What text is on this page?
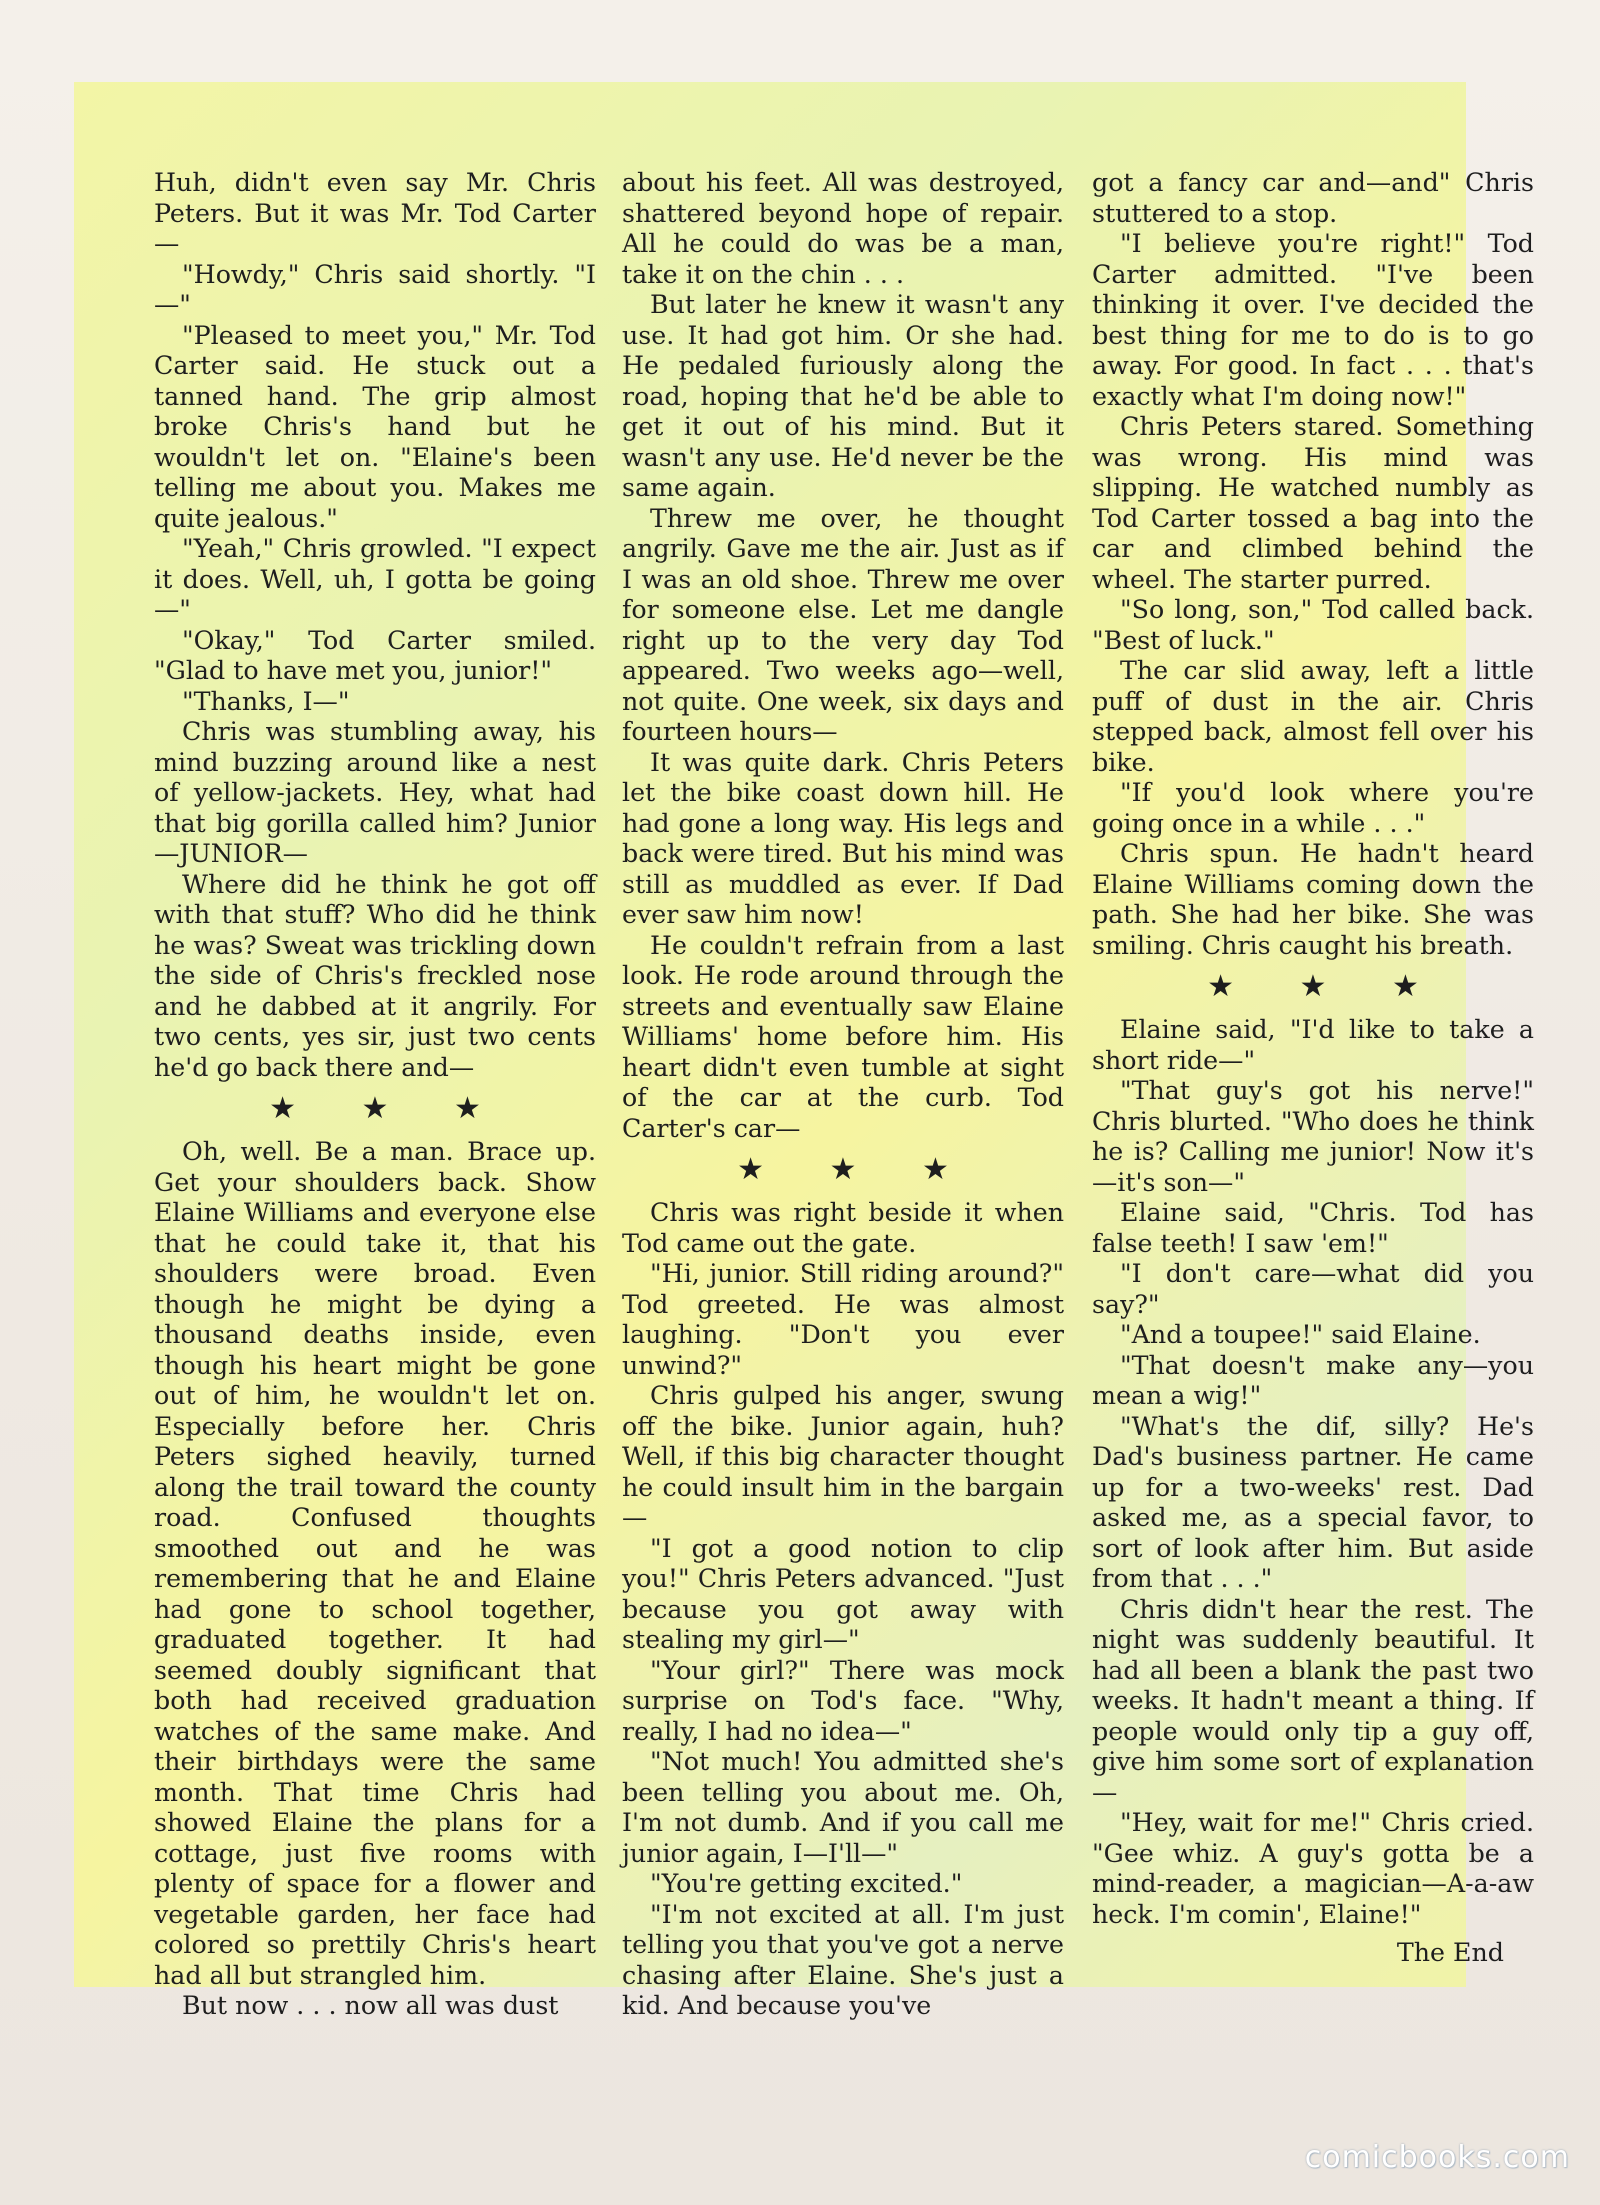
Huh, didn't even say Mr. Chris Peters. But it was Mr. Tod Carter—

"Howdy," Chris said shortly. "I—"

"Pleased to meet you," Mr. Tod Carter said. He stuck out a tanned hand. The grip almost broke Chris's hand but he wouldn't let on. "Elaine's been telling me about you. Makes me quite jealous."

"Yeah," Chris growled. "I expect it does. Well, uh, I gotta be going—"

"Okay," Tod Carter smiled. "Glad to have met you, junior!"

"Thanks, I—"

Chris was stumbling away, his mind buzzing around like a nest of yellow-jackets. Hey, what had that big gorilla called him? Junior—JUNIOR—

Where did he think he got off with that stuff? Who did he think he was? Sweat was trickling down the side of Chris's freckled nose and he dabbed at it angrily. For two cents, yes sir, just two cents he'd go back there and—

★ ★ ★

Oh, well. Be a man. Brace up. Get your shoulders back. Show Elaine Williams and everyone else that he could take it, that his shoulders were broad. Even though he might be dying a thousand deaths inside, even though his heart might be gone out of him, he wouldn't let on. Especially before her. Chris Peters sighed heavily, turned along the trail toward the county road. Confused thoughts smoothed out and he was remembering that he and Elaine had gone to school together, graduated together. It had seemed doubly significant that both had received graduation watches of the same make. And their birthdays were the same month. That time Chris had showed Elaine the plans for a cottage, just five rooms with plenty of space for a flower and vegetable garden, her face had colored so prettily Chris's heart had all but strangled him.

But now . . . now all was dust

about his feet. All was destroyed, shattered beyond hope of repair. All he could do was be a man, take it on the chin . . .

But later he knew it wasn't any use. It had got him. Or she had. He pedaled furiously along the road, hoping that he'd be able to get it out of his mind. But it wasn't any use. He'd never be the same again.

Threw me over, he thought angrily. Gave me the air. Just as if I was an old shoe. Threw me over for someone else. Let me dangle right up to the very day Tod appeared. Two weeks ago—well, not quite. One week, six days and fourteen hours—

It was quite dark. Chris Peters let the bike coast down hill. He had gone a long way. His legs and back were tired. But his mind was still as muddled as ever. If Dad ever saw him now!

He couldn't refrain from a last look. He rode around through the streets and eventually saw Elaine Williams' home before him. His heart didn't even tumble at sight of the car at the curb. Tod Carter's car—

★ ★ ★

Chris was right beside it when Tod came out the gate.

"Hi, junior. Still riding around?" Tod greeted. He was almost laughing. "Don't you ever unwind?"

Chris gulped his anger, swung off the bike. Junior again, huh? Well, if this big character thought he could insult him in the bargain—

"I got a good notion to clip you!" Chris Peters advanced. "Just because you got away with stealing my girl—"

"Your girl?" There was mock surprise on Tod's face. "Why, really, I had no idea—"

"Not much! You admitted she's been telling you about me. Oh, I'm not dumb. And if you call me junior again, I—I'll—"

"You're getting excited."

"I'm not excited at all. I'm just telling you that you've got a nerve chasing after Elaine. She's just a kid. And because you've

got a fancy car and—and" Chris stuttered to a stop.

"I believe you're right!" Tod Carter admitted. "I've been thinking it over. I've decided the best thing for me to do is to go away. For good. In fact . . . that's exactly what I'm doing now!"

Chris Peters stared. Something was wrong. His mind was slipping. He watched numbly as Tod Carter tossed a bag into the car and climbed behind the wheel. The starter purred.

"So long, son," Tod called back. "Best of luck."

The car slid away, left a little puff of dust in the air. Chris stepped back, almost fell over his bike.

"If you'd look where you're going once in a while . . ."

Chris spun. He hadn't heard Elaine Williams coming down the path. She had her bike. She was smiling. Chris caught his breath.

★ ★ ★

Elaine said, "I'd like to take a short ride—"

"That guy's got his nerve!" Chris blurted. "Who does he think he is? Calling me junior! Now it's—it's son—"

Elaine said, "Chris. Tod has false teeth! I saw 'em!"

"I don't care—what did you say?"

"And a toupee!" said Elaine.

"That doesn't make any—you mean a wig!"

"What's the dif, silly? He's Dad's business partner. He came up for a two-weeks' rest. Dad asked me, as a special favor, to sort of look after him. But aside from that . . ."

Chris didn't hear the rest. The night was suddenly beautiful. It had all been a blank the past two weeks. It hadn't meant a thing. If people would only tip a guy off, give him some sort of explanation—

"Hey, wait for me!" Chris cried. "Gee whiz. A guy's gotta be a mind-reader, a magician—A-a-aw heck. I'm comin', Elaine!"

The End
comicbooks.com
